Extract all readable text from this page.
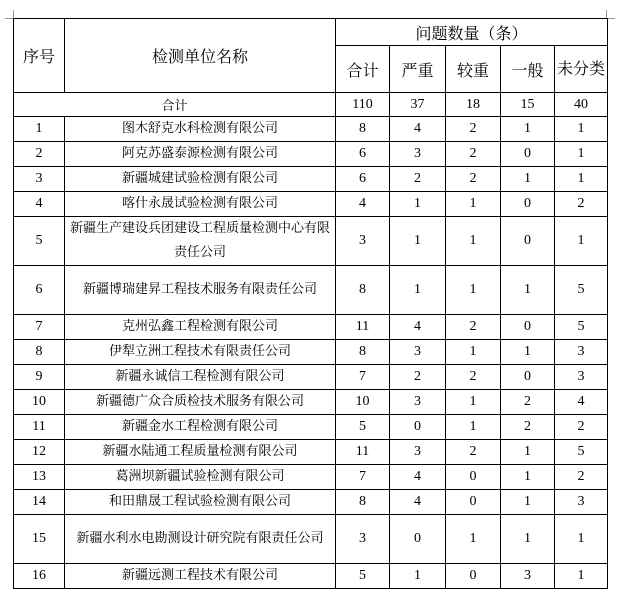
序号	检测单位名称	问题数量（条）				
		合计	严重	较重	一般	未分类
合计		110	37	18	15	40
1	图木舒克水科检测有限公司	8	4	2	1	1
2	阿克苏盛泰源检测有限公司	6	3	2	0	1
3	新疆城建试验检测有限公司	6	2	2	1	1
4	喀什永晟试验检测有限公司	4	1	1	0	2
5	新疆生产建设兵团建设工程质量检测中心有限责任公司	3	1	1	0	1
6	新疆博瑞建昇工程技术服务有限责任公司	8	1	1	1	5
7	克州弘鑫工程检测有限公司	11	4	2	0	5
8	伊犁立洲工程技术有限责任公司	8	3	1	1	3
9	新疆永诚信工程检测有限公司	7	2	2	0	3
10	新疆德广众合质检技术服务有限公司	10	3	1	2	4
11	新疆金水工程检测有限公司	5	0	1	2	2
12	新疆水陆通工程质量检测有限公司	11	3	2	1	5
13	葛洲坝新疆试验检测有限公司	7	4	0	1	2
14	和田鼎晟工程试验检测有限公司	8	4	0	1	3
15	新疆水利水电勘测设计研究院有限责任公司	3	0	1	1	1
16	新疆远测工程技术有限公司	5	1	0	3	1
